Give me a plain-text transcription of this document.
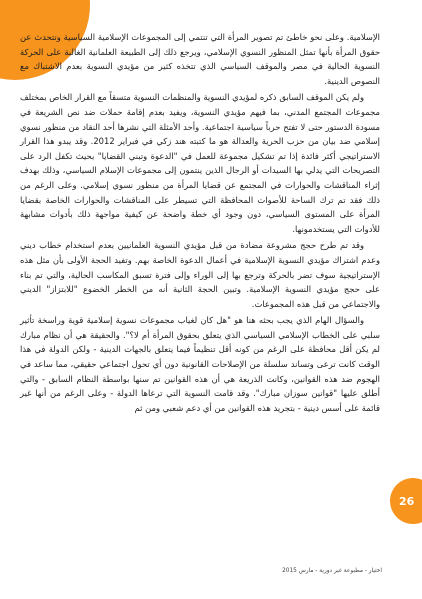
الإسلامية. وعلى نحو خاطئ تم تصوير المرأة التي تنتمي إلى المجموعات الإسلامية السياسية وتتحدث عن حقوق المرأة بأنها تمثل المنظور النسوي الإسلامي، ويرجع ذلك إلى الطبيعة العلمانية الغالبة على الحركة النسوية الحالية في مصر والموقف السياسي الذي تتخذه كثير من مؤيدي النسوية بعدم الاشتباك مع النصوص الدينية.

ولم يكن الموقف السابق ذكره لمؤيدي النسوية والمنظمات النسوية متسقاً مع القرار الخاص بمختلف مجموعات المجتمع المدني، بما فيهم مؤيدي النسوية، ويفيد بعدم إقامة حملات ضد نص الشريعة في مسودة الدستور حتى لا تفتح حرباً سياسية اجتماعية. وأحد الأمثلة التي نشرها أحد النقاد من منظور نسوي إسلامي ضد بيان من حزب الحرية والعدالة هو ما كتبته هند زكي في فبراير 2012. وقد يبدو هذا القرار الاستراتيجي أكثر فائدة إذا تم تشكيل مجموعة للعمل في "الدعوة وتبني القضايا" بحيث تكفل الرد على التصريحات التي يدلي بها السيدات أو الرجال الذين ينتمون إلى مجموعات الإسلام السياسي، وذلك بهدف إثراء المناقشات والحوارات في المجتمع عن قضايا المرأة من منظور نسوي إسلامي. وعلى الرغم من ذلك فقد تم ترك الساحة للأصوات المحافظة التي تسيطر على المناقشات والحوارات الخاصة بقضايا المرأة على المستوى السياسي، دون وجود أي خطة واضحة عن كيفية مواجهة ذلك بأدوات مشابهة للأدوات التي يستخدمونها.

وقد تم طرح حجج مشروعة مضادة من قبل مؤيدي النسوية العلمانيين بعدم استخدام خطاب ديني وعدم اشتراك مؤيدي النسوية الإسلامية في أعمال الدعوة الخاصة بهم. وتفيد الحجة الأولى بأن مثل هذه الإستراتيجية سوف تضر بالحركة وترجع بها إلى الوراء وإلى فترة تسبق المكاسب الحالية، والتي تم بناء على حجج مؤيدي النسوية الإسلامية. وتبين الحجة الثانية أنه من الخطر الخضوع "للابتزاز" الديني والاجتماعي من قبل هذه المجموعات.

والسؤال الهام الذي يجب بحثه هنا هو "هل كان لغياب مجموعات نسوية إسلامية قوية وراسخة تأثير سلبي على الخطاب الإسلامي السياسي الذي يتعلق بحقوق المرأة أم لا؟". والحقيقة هي أن نظام مبارك لم يكن أقل محافظة على الرغم من كونه أقل تنظيماً فيما يتعلق بالجهات الدينية - ولكن الدولة في هذا الوقت كانت ترعى وتساند سلسلة من الإصلاحات القانونية دون أي تحول اجتماعي حقيقي، مما ساعد في الهجوم ضد هذه القوانين، وكانت الذريعة هي أن هذه القوانين تم سنها بواسطة النظام السابق - والتي أطلق عليها "قوانين سوزان مبارك". وقد قامت النسوية التي ترعاها الدولة - وعلى الرغم من أنها غير قائمة على أسس دينية - بتجريد هذه القوانين من أي دعم شعبي ومن ثم

26
اختيار - مطبوعة غير دورية - مارس 2015
